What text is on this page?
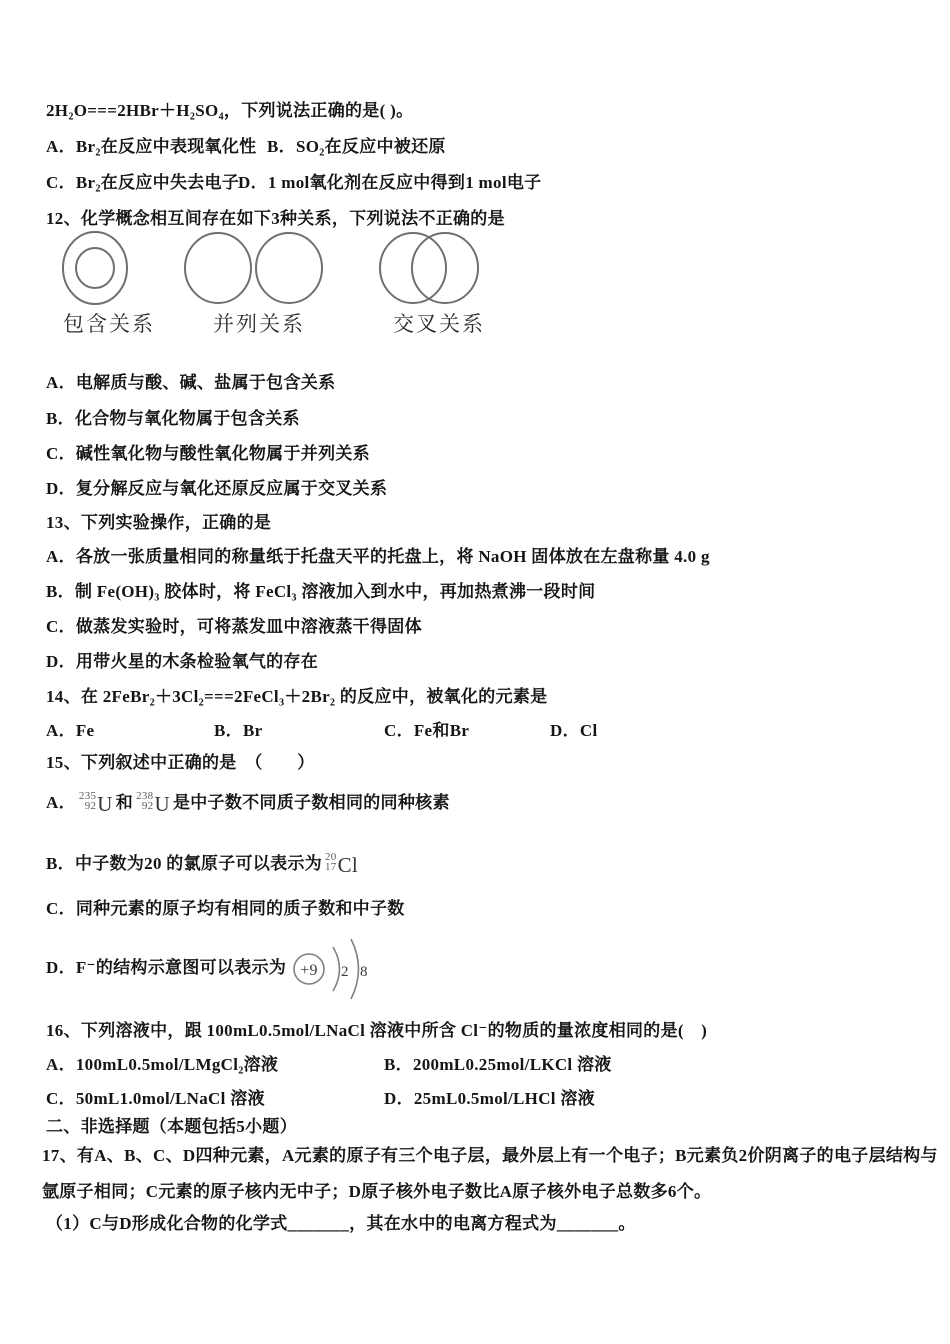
2H₂O===2HBr＋H₂SO₄，下列说法正确的是( )。
A．Br₂在反应中表现氧化性 B．SO₂在反应中被还原
C．Br₂在反应中失去电子
D．1 mol氧化剂在反应中得到1 mol电子
12、化学概念相互间存在如下3种关系，下列说法不正确的是
包含关系	并列关系	交叉关系
A．电解质与酸、碱、盐属于包含关系
B．化合物与氧化物属于包含关系
C．碱性氧化物与酸性氧化物属于并列关系
D．复分解反应与氧化还原反应属于交叉关系
13、下列实验操作，正确的是
A．各放一张质量相同的称量纸于托盘天平的托盘上，将 NaOH 固体放在左盘称量 4.0 g
B．制 Fe(OH)₃ 胶体时，将 FeCl₃ 溶液加入到水中，再加热煮沸一段时间
C．做蒸发实验时，可将蒸发皿中溶液蒸干得固体
D．用带火星的木条检验氧气的存在
14、在 2FeBr₂＋3Cl₂===2FeCl₃＋2Br₂ 的反应中，被氧化的元素是
A．Fe	B．Br	C．Fe和Br	D．Cl
15、下列叙述中正确的是　（　　）
A． 235
92 U 和 238
92 U 是中子数不同质子数相同的同种核素
B．中子数为20 的氯原子可以表示为 20
17 Cl
C．同种元素的原子均有相同的质子数和中子数
D．F⁻的结构示意图可以表示为 +9 2 8
16、下列溶液中，跟 100mL0.5mol/LNaCl 溶液中所含 Cl⁻的物质的量浓度相同的是(　)
A．100mL0.5mol/LMgCl₂溶液	B．200mL0.25mol/LKCl 溶液
C．50mL1.0mol/LNaCl 溶液	D．25mL0.5mol/LHCl 溶液
二、非选择题（本题包括5小题）
17、有A、B、C、D四种元素，A元素的原子有三个电子层，最外层上有一个电子；B元素负2价阴离子的电子层结构与
氩原子相同；C元素的原子核内无中子；D原子核外电子数比A原子核外电子总数多6个。
（1）C与D形成化合物的化学式_______，其在水中的电离方程式为_______。
